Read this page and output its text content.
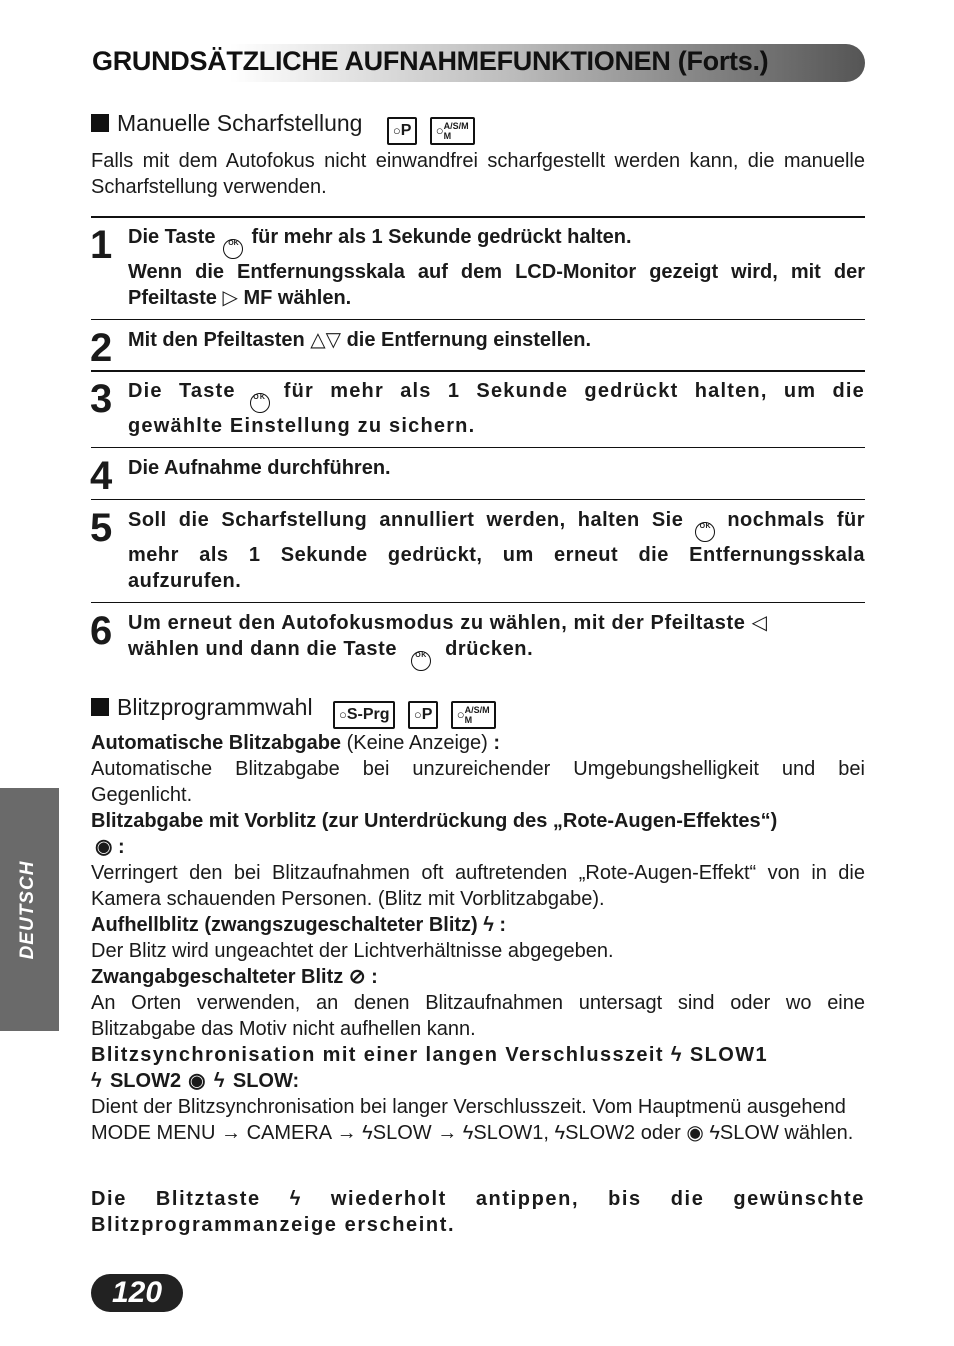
GRUNDSÄTZLICHE AUFNAHMEFUNKTIONEN (Forts.)
Manuelle Scharfstellung ○P ○A/S/M
M
Falls mit dem Autofokus nicht einwandfrei scharfgestellt werden kann, die manuelle Scharfstellung verwenden.
1 Die Taste OK für mehr als 1 Sekunde gedrückt halten.
Wenn die Entfernungsskala auf dem LCD-Monitor gezeigt wird, mit der Pfeiltaste ▷ MF wählen.
2 Mit den Pfeiltasten △▽ die Entfernung einstellen.
3 Die Taste	OK für mehr als 1 Sekunde gedrückt halten, um die gewählte Einstellung zu sichern.
4 Die Aufnahme durchführen.
5 Soll die Scharfstellung annulliert werden, halten Sie OK nochmals für mehr als 1 Sekunde gedrückt, um erneut die Entfernungsskala aufzurufen.
6 Um erneut den Autofokusmodus zu wählen, mit der Pfeiltaste ◁
wählen und dann die Taste	OK drücken.
Blitzprogrammwahl ○S-Prg ○P ○A/S/M
M
Automatische Blitzabgabe (Keine Anzeige) :
Automatische Blitzabgabe bei unzureichender Umgebungshelligkeit und bei Gegenlicht.
Blitzabgabe mit Vorblitz (zur Unterdrückung des „Rote-Augen-Effektes“)
◉ :
Verringert den bei Blitzaufnahmen oft auftretenden „Rote-Augen-Effekt“ von in die Kamera schauenden Personen. (Blitz mit Vorblitzabgabe).
Aufhellblitz (zwangszugeschalteter Blitz) ϟ :
Der Blitz wird ungeachtet der Lichtverhältnisse abgegeben.
Zwangabgeschalteter Blitz ⊘ :
An Orten verwenden, an denen Blitzaufnahmen untersagt sind oder wo eine Blitzabgabe das Motiv nicht aufhellen kann.
Blitzsynchronisation mit einer langen Verschlusszeit ϟ SLOW1
ϟ SLOW2 ◉ ϟ SLOW:
Dient der Blitzsynchronisation bei langer Verschlusszeit. Vom Hauptmenü ausgehend MODE MENU → CAMERA → ϟSLOW → ϟSLOW1, ϟSLOW2 oder ◉ ϟSLOW wählen.
Die Blitztaste ϟ wiederholt antippen, bis die gewünschte Blitzprogrammanzeige erscheint.
DEUTSCH
120
